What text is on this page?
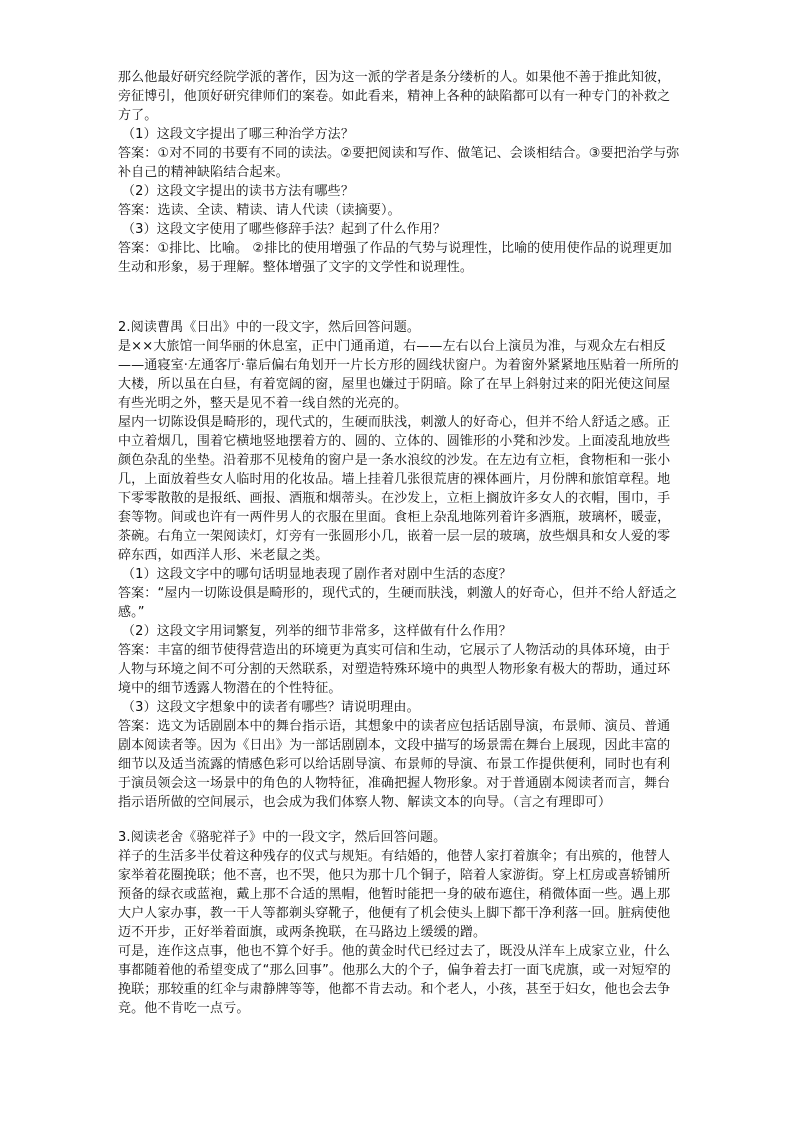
那么他最好研究经院学派的著作，因为这一派的学者是条分缕析的人。如果他不善于推此知彼，旁征博引，他顶好研究律师们的案卷。如此看来，精神上各种的缺陷都可以有一种专门的补救之方了。

（1）这段文字提出了哪三种治学方法？

答案：①对不同的书要有不同的读法。②要把阅读和写作、做笔记、会谈相结合。③要把治学与弥补自己的精神缺陷结合起来。

（2）这段文字提出的读书方法有哪些？

答案：选读、全读、精读、请人代读（读摘要）。

（3）这段文字使用了哪些修辞手法？起到了什么作用？

答案：①排比、比喻。 ②排比的使用增强了作品的气势与说理性，比喻的使用使作品的说理更加生动和形象，易于理解。整体增强了文字的文学性和说理性。

2.阅读曹禺《日出》中的一段文字，然后回答问题。

是××大旅馆一间华丽的休息室，正中门通甬道，右——左右以台上演员为准，与观众左右相反——通寝室·左通客厅·靠后偏右角划开一片长方形的圆线状窗户。为着窗外紧紧地压贴着一所所的大楼，所以虽在白昼，有着宽阔的窗，屋里也嫌过于阴暗。除了在早上斜射过来的阳光使这间屋有些光明之外，整天是见不着一线自然的光亮的。

屋内一切陈设俱是畸形的，现代式的，生硬而肤浅，刺激人的好奇心，但并不给人舒适之感。正中立着烟几，围着它横地竖地摆着方的、圆的、立体的、圆锥形的小凳和沙发。上面凌乱地放些颜色杂乱的坐垫。沿着那不见棱角的窗户是一条水浪纹的沙发。在左边有立柜，食物柜和一张小几，上面放着些女人临时用的化妆品。墙上挂着几张很荒唐的裸体画片，月份牌和旅馆章程。地下零零散散的是报纸、画报、酒瓶和烟蒂头。在沙发上，立柜上搁放许多女人的衣帽，围巾，手套等物。间或也许有一两件男人的衣服在里面。食柜上杂乱地陈列着许多酒瓶，玻璃杯，暖壶，茶碗。右角立一架阅读灯，灯旁有一张圆形小几，嵌着一层一层的玻璃，放些烟具和女人爱的零碎东西，如西洋人形、米老鼠之类。

（1）这段文字中的哪句话明显地表现了剧作者对剧中生活的态度？

答案：“屋内一切陈设俱是畸形的，现代式的，生硬而肤浅，刺激人的好奇心，但并不给人舒适之感。”

（2）这段文字用词繁复，列举的细节非常多，这样做有什么作用？

答案：丰富的细节使得营造出的环境更为真实可信和生动，它展示了人物活动的具体环境，由于人物与环境之间不可分割的天然联系，对塑造特殊环境中的典型人物形象有极大的帮助，通过环境中的细节透露人物潜在的个性特征。

（3）这段文字想象中的读者有哪些？请说明理由。

答案：选文为话剧剧本中的舞台指示语，其想象中的读者应包括话剧导演，布景师、演员、普通剧本阅读者等。因为《日出》为一部话剧剧本，文段中描写的场景需在舞台上展现，因此丰富的细节以及适当流露的情感色彩可以给话剧导演、布景师的导演、布景工作提供便利，同时也有利于演员领会这一场景中的角色的人物特征，准确把握人物形象。对于普通剧本阅读者而言，舞台指示语所做的空间展示，也会成为我们体察人物、解读文本的向导。（言之有理即可）

3.阅读老舍《骆驼祥子》中的一段文字，然后回答问题。

祥子的生活多半仗着这种残存的仪式与规矩。有结婚的，他替人家打着旗伞；有出殡的，他替人家举着花圈挽联；他不喜，也不哭，他只为那十几个铜子，陪着人家游街。穿上杠房或喜轿铺所预备的绿衣或蓝袍，戴上那不合适的黑帽，他暂时能把一身的破布遮住，稍微体面一些。遇上那大户人家办事，教一干人等都剃头穿靴子，他便有了机会使头上脚下都干净利落一回。脏病使他迈不开步，正好举着面旗，或两条挽联，在马路边上缓缓的蹭。

可是，连作这点事，他也不算个好手。他的黄金时代已经过去了，既没从洋车上成家立业，什么事都随着他的希望变成了“那么回事”。他那么大的个子，偏争着去打一面飞虎旗，或一对短窄的挽联；那较重的红伞与肃静牌等等，他都不肯去动。和个老人，小孩，甚至于妇女，他也会去争竞。他不肯吃一点亏。
